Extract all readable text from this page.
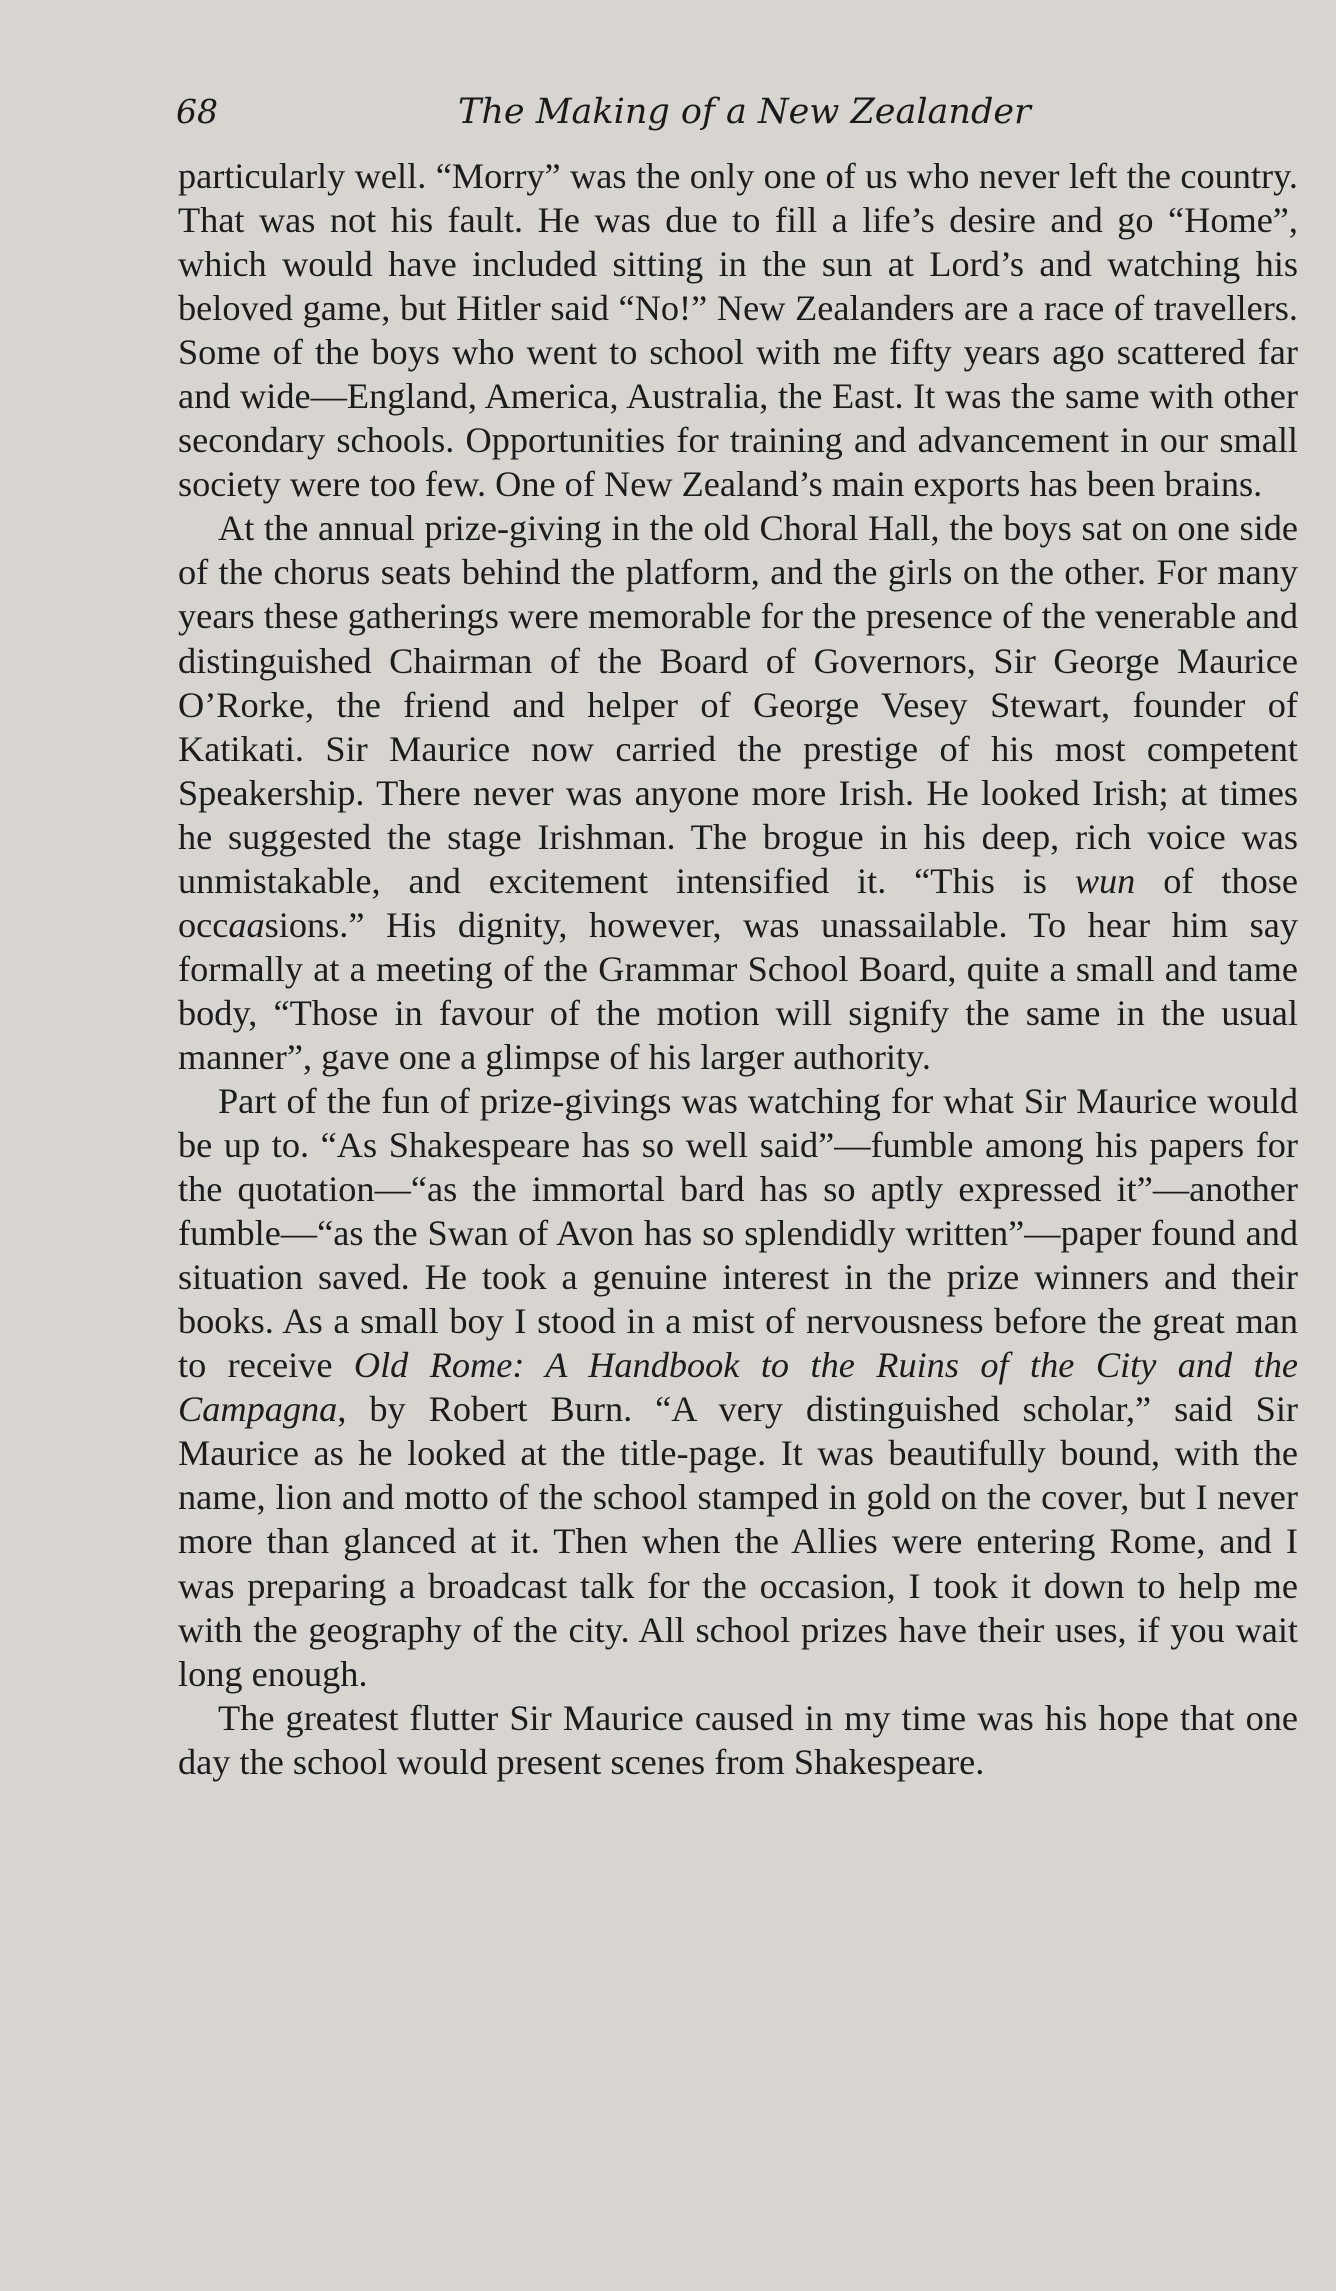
68	The Making of a New Zealander

particularly well. “Morry” was the only one of us who never left the country. That was not his fault. He was due to fill a life’s desire and go “Home”, which would have included sitting in the sun at Lord’s and watching his beloved game, but Hitler said “No!” New Zealanders are a race of travellers. Some of the boys who went to school with me fifty years ago scattered far and wide—England, America, Australia, the East. It was the same with other secondary schools. Opportunities for training and advancement in our small society were too few. One of New Zealand’s main exports has been brains.

At the annual prize-giving in the old Choral Hall, the boys sat on one side of the chorus seats behind the platform, and the girls on the other. For many years these gatherings were memorable for the presence of the venerable and distinguished Chairman of the Board of Governors, Sir George Maurice O’Rorke, the friend and helper of George Vesey Stewart, founder of Katikati. Sir Maurice now carried the prestige of his most competent Speakership. There never was anyone more Irish. He looked Irish; at times he suggested the stage Irishman. The brogue in his deep, rich voice was unmistakable, and excitement intensified it. “This is wun of those occaasions.” His dignity, however, was unassailable. To hear him say formally at a meeting of the Grammar School Board, quite a small and tame body, “Those in favour of the motion will signify the same in the usual manner”, gave one a glimpse of his larger authority.

Part of the fun of prize-givings was watching for what Sir Maurice would be up to. “As Shakespeare has so well said”—fumble among his papers for the quotation—“as the immortal bard has so aptly expressed it”—another fumble—“as the Swan of Avon has so splendidly written”—paper found and situation saved. He took a genuine interest in the prize winners and their books. As a small boy I stood in a mist of nervousness before the great man to receive Old Rome: A Handbook to the Ruins of the City and the Campagna, by Robert Burn. “A very distinguished scholar,” said Sir Maurice as he looked at the title-page. It was beautifully bound, with the name, lion and motto of the school stamped in gold on the cover, but I never more than glanced at it. Then when the Allies were entering Rome, and I was preparing a broadcast talk for the occasion, I took it down to help me with the geography of the city. All school prizes have their uses, if you wait long enough.

The greatest flutter Sir Maurice caused in my time was his hope that one day the school would present scenes from Shakespeare.
